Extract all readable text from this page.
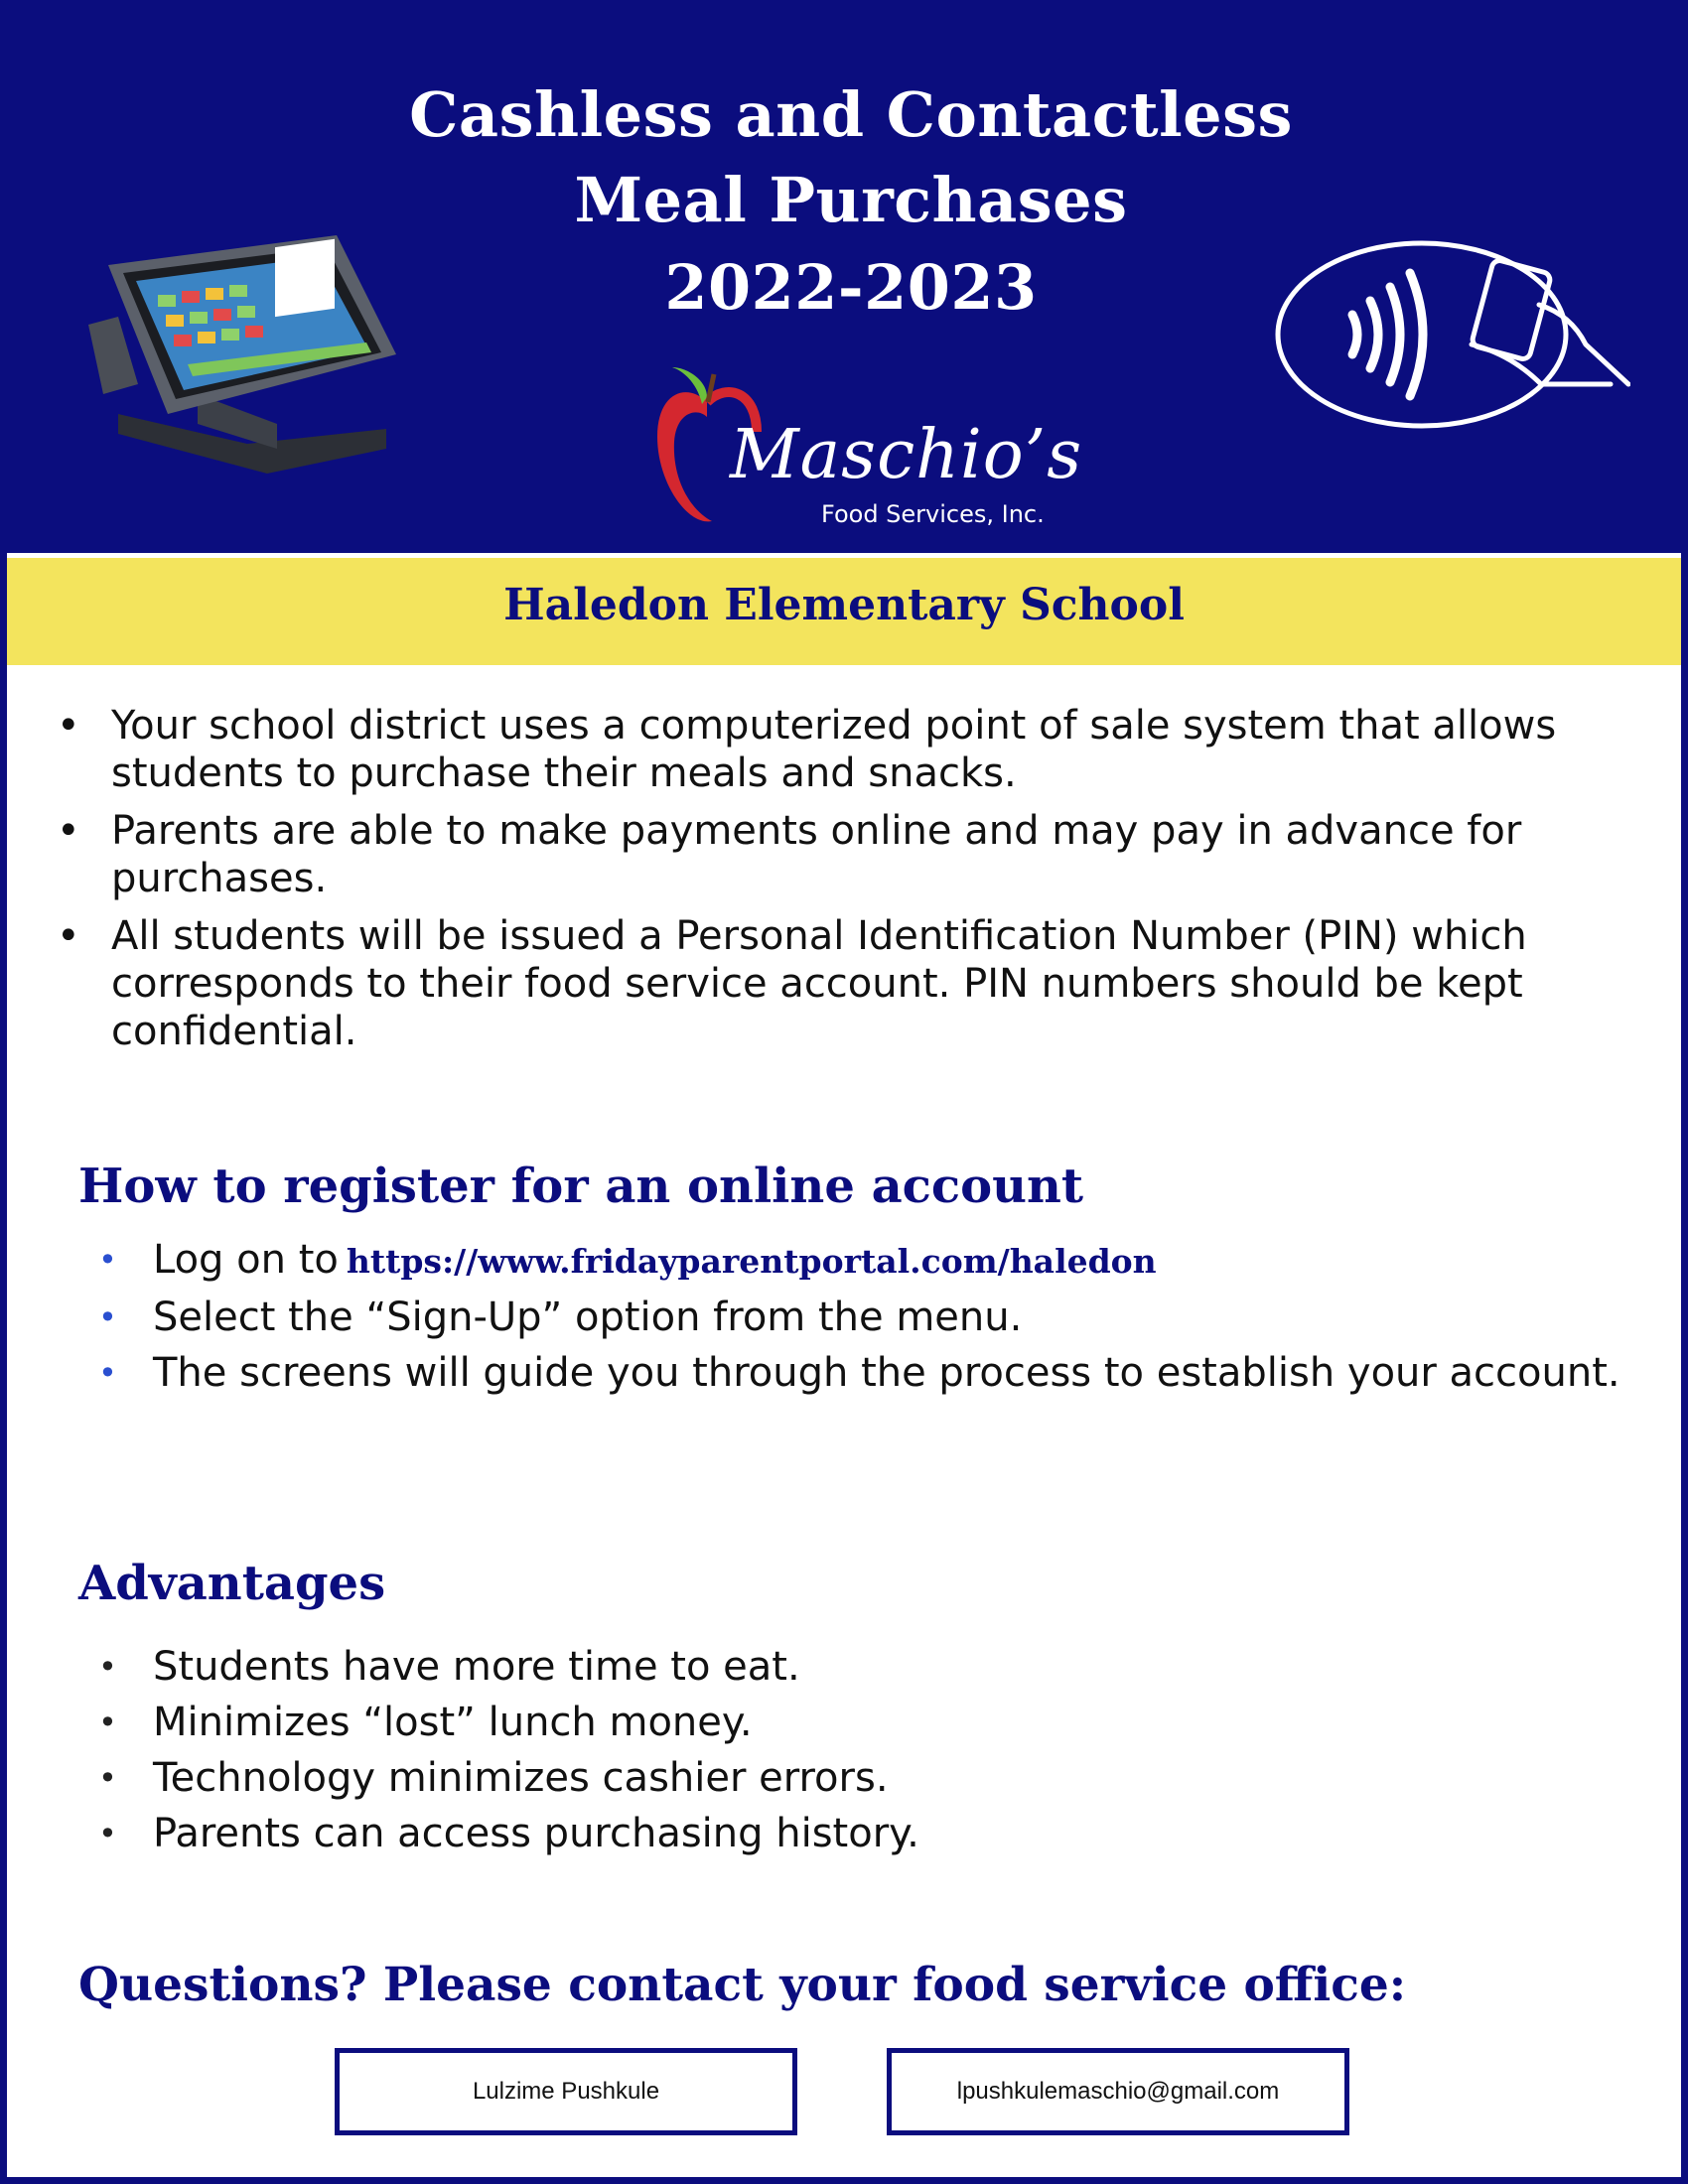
Cashless and Contactless
Meal Purchases
2022-2023
Maschio’s
Food Services, Inc.
Haledon Elementary School
• Your school district uses a computerized point of sale system that allows students to purchase their meals and snacks.
• Parents are able to make payments online and may pay in advance for purchases.
• All students will be issued a Personal Identification Number (PIN) which corresponds to their food service account. PIN numbers should be kept confidential.
How to register for an online account
• Log on to https://www.fridayparentportal.com/haledon
• Select the “Sign-Up” option from the menu.
• The screens will guide you through the process to establish your account.
Advantages
• Students have more time to eat.
• Minimizes “lost” lunch money.
• Technology minimizes cashier errors.
• Parents can access purchasing history.
Questions? Please contact your food service office:
Lulzime Pushkule	lpushkulemaschio@gmail.com
